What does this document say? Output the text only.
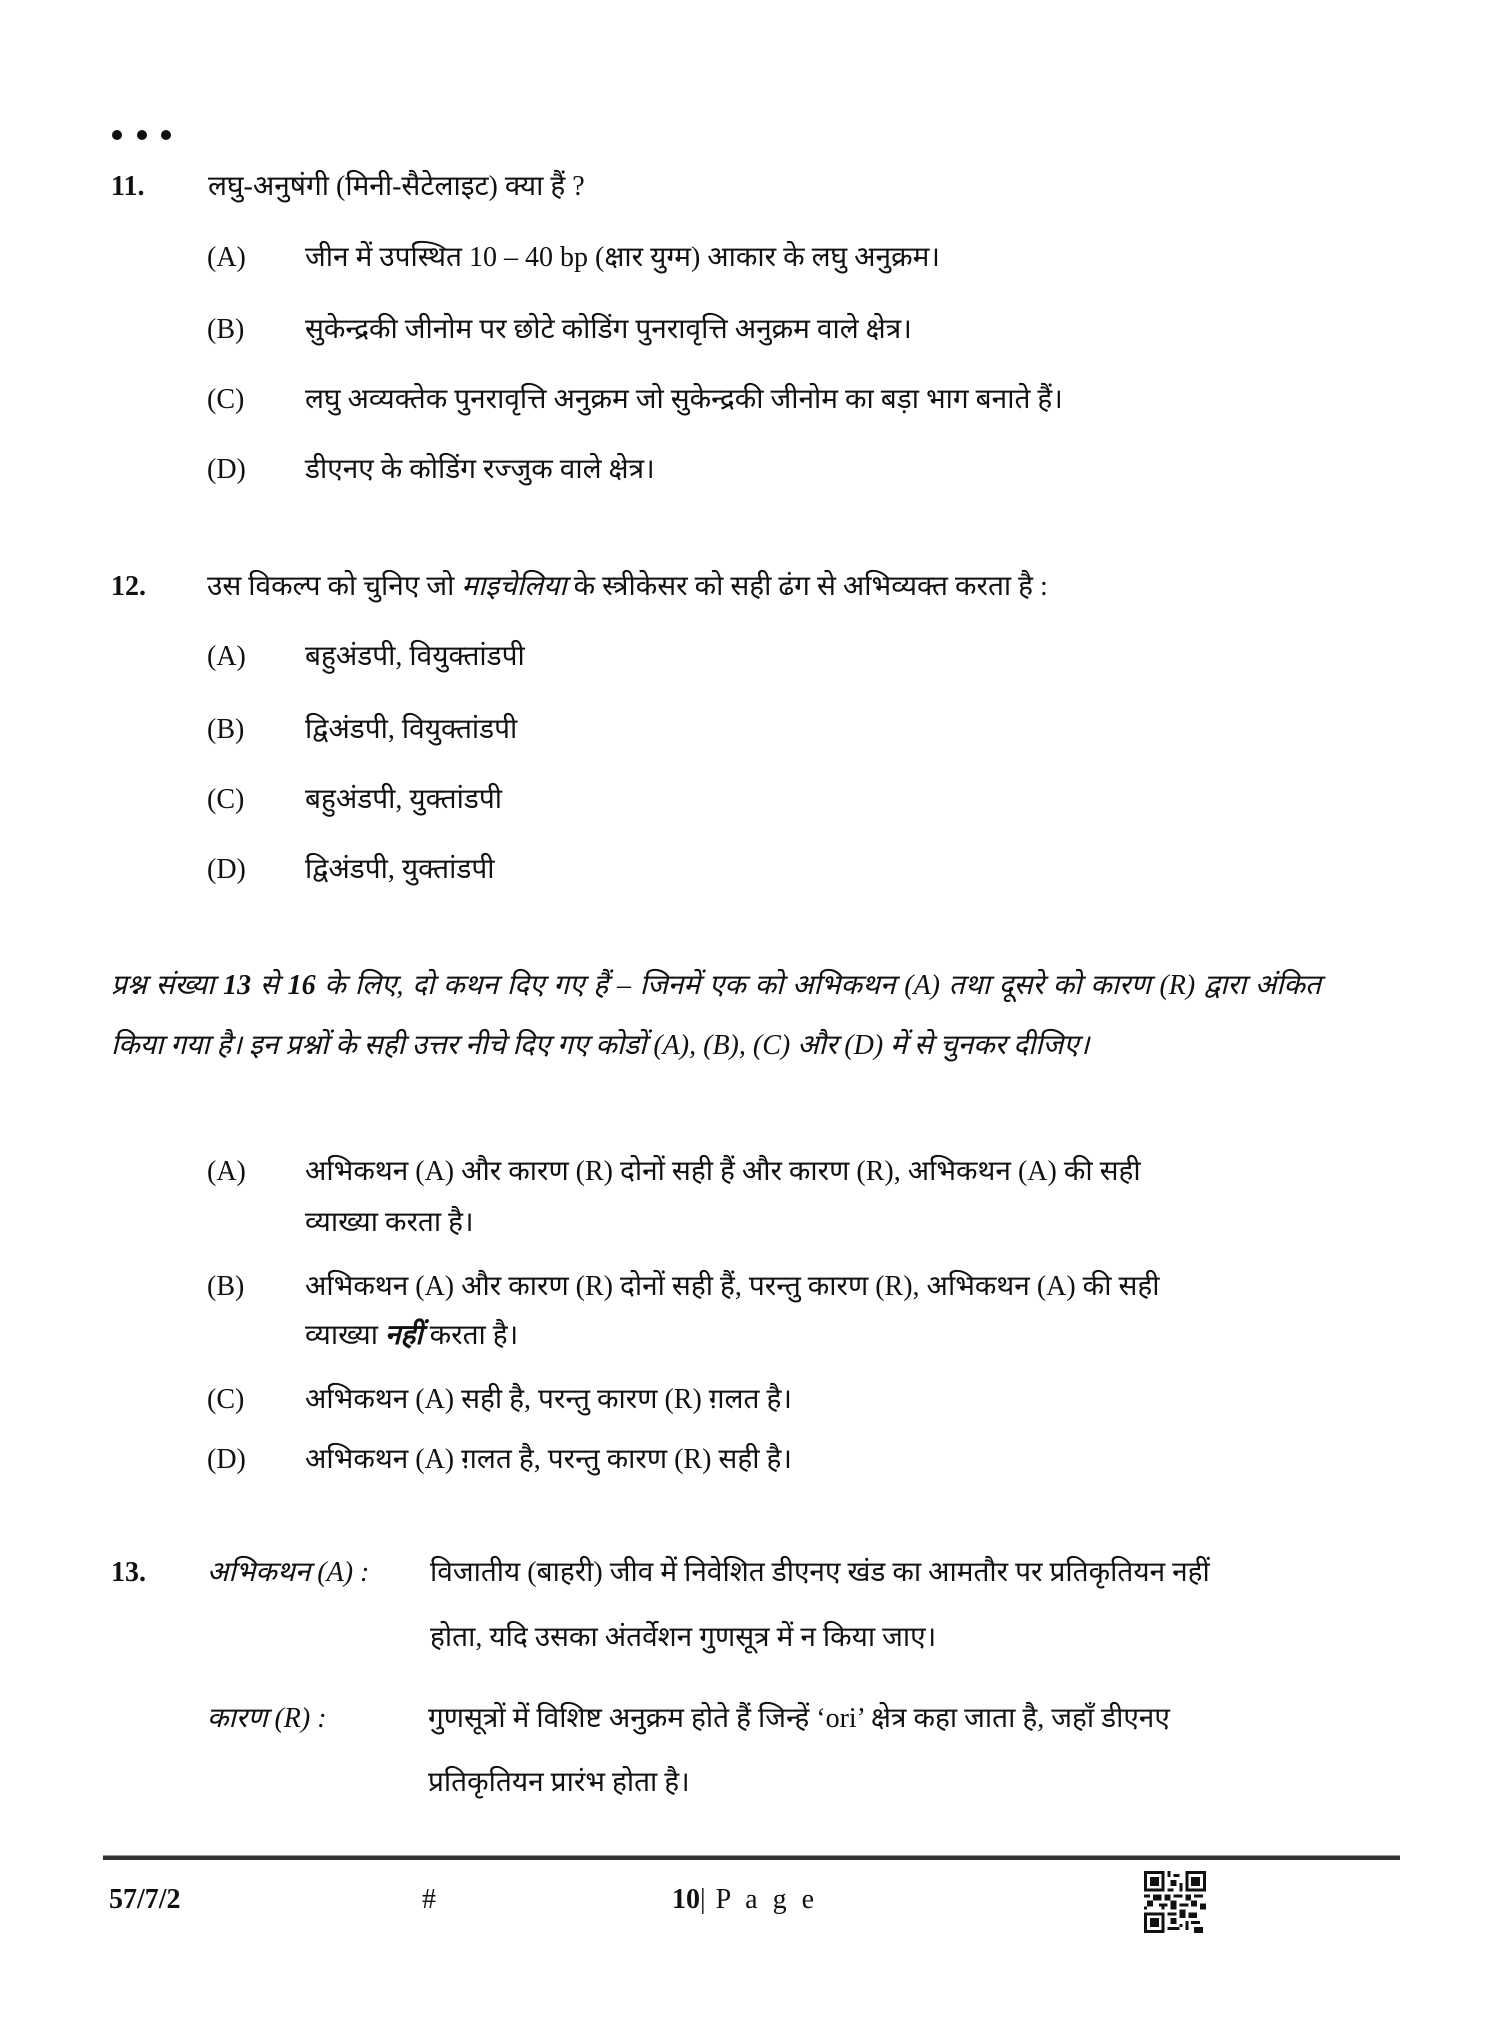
11. लघु-अनुषंगी (मिनी-सैटेलाइट) क्या हैं ?
(A) जीन में उपस्थित 10 – 40 bp (क्षार युग्म) आकार के लघु अनुक्रम।
(B) सुकेन्द्रकी जीनोम पर छोटे कोडिंग पुनरावृत्ति अनुक्रम वाले क्षेत्र।
(C) लघु अव्यक्तेक पुनरावृत्ति अनुक्रम जो सुकेन्द्रकी जीनोम का बड़ा भाग बनाते हैं।
(D) डीएनए के कोडिंग रज्जुक वाले क्षेत्र।
12. उस विकल्प को चुनिए जो माइचेलिया के स्त्रीकेसर को सही ढंग से अभिव्यक्त करता है :
(A) बहुअंडपी, वियुक्तांडपी
(B) द्विअंडपी, वियुक्तांडपी
(C) बहुअंडपी, युक्तांडपी
(D) द्विअंडपी, युक्तांडपी

प्रश्न संख्या 13 से 16 के लिए, दो कथन दिए गए हैं – जिनमें एक को अभिकथन (A) तथा दूसरे को कारण (R) द्वारा अंकित किया गया है। इन प्रश्नों के सही उत्तर नीचे दिए गए कोडों (A), (B), (C) और (D) में से चुनकर दीजिए।

(A) अभिकथन (A) और कारण (R) दोनों सही हैं और कारण (R), अभिकथन (A) की सही
व्याख्या करता है।
(B) अभिकथन (A) और कारण (R) दोनों सही हैं, परन्तु कारण (R), अभिकथन (A) की सही
व्याख्या नहीं करता है।
(C) अभिकथन (A) सही है, परन्तु कारण (R) ग़लत है।
(D) अभिकथन (A) ग़लत है, परन्तु कारण (R) सही है।
13. अभिकथन (A) : विजातीय (बाहरी) जीव में निवेशित डीएनए खंड का आमतौर पर प्रतिकृतियन नहीं
होता, यदि उसका अंतर्वेशन गुणसूत्र में न किया जाए।
कारण (R) :	गुणसूत्रों में विशिष्ट अनुक्रम होते हैं जिन्हें ‘ori’ क्षेत्र कहा जाता है, जहाँ डीएनए
प्रतिकृतियन प्रारंभ होता है।
57/7/2	#	10| P a g e
